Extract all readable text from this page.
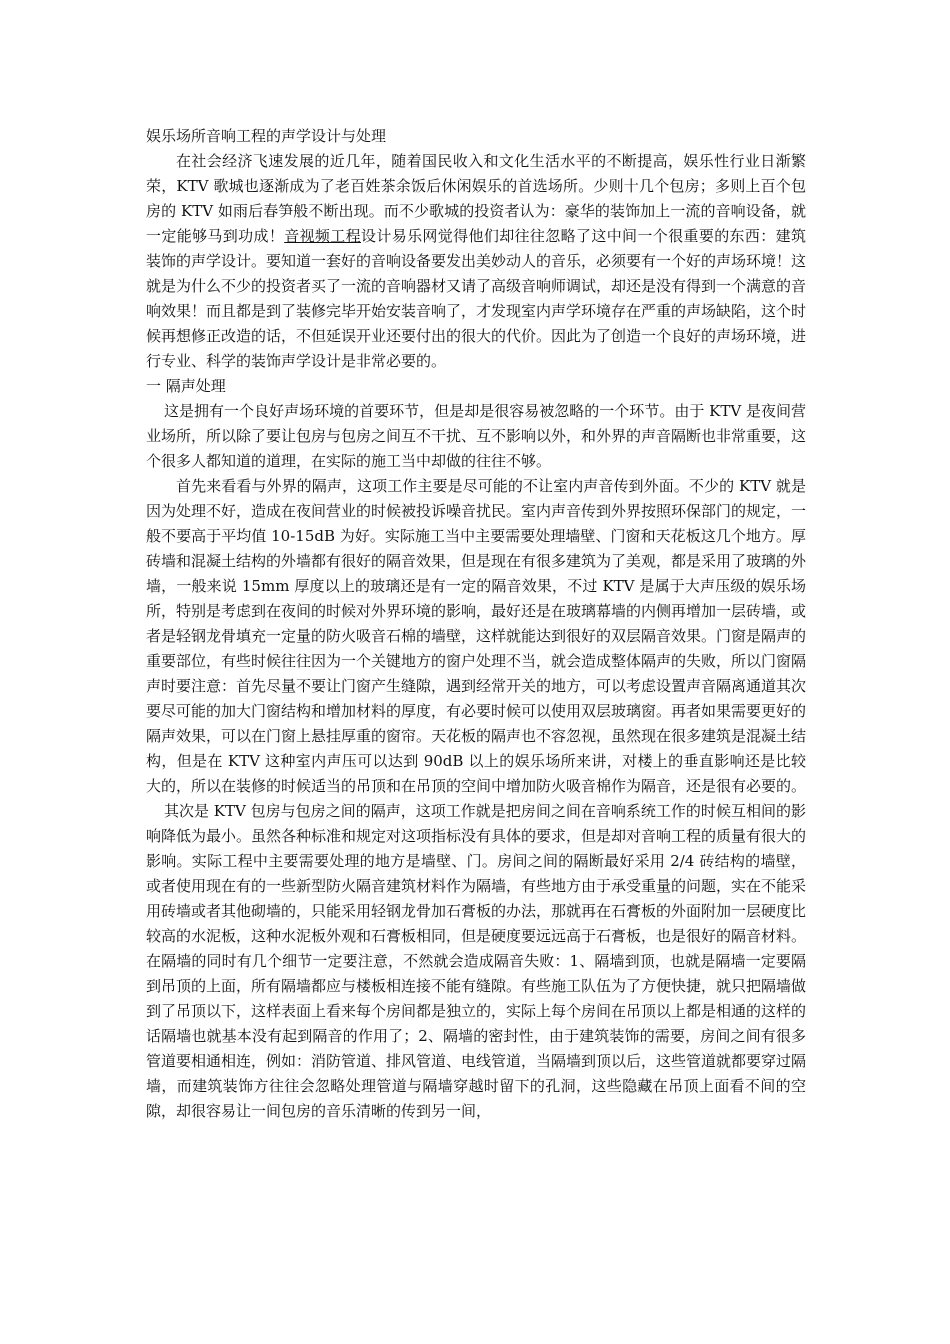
娱乐场所音响工程的声学设计与处理

在社会经济飞速发展的近几年，随着国民收入和文化生活水平的不断提高，娱乐性行业日渐繁荣，KTV 歌城也逐渐成为了老百姓茶余饭后休闲娱乐的首选场所。少则十几个包房；多则上百个包房的 KTV 如雨后春笋般不断出现。而不少歌城的投资者认为：豪华的装饰加上一流的音响设备，就一定能够马到功成！音视频工程设计易乐网觉得他们却往往忽略了这中间一个很重要的东西：建筑装饰的声学设计。要知道一套好的音响设备要发出美妙动人的音乐，必须要有一个好的声场环境！这就是为什么不少的投资者买了一流的音响器材又请了高级音响师调试，却还是没有得到一个满意的音响效果！而且都是到了装修完毕开始安装音响了，才发现室内声学环境存在严重的声场缺陷，这个时候再想修正改造的话，不但延误开业还要付出的很大的代价。因此为了创造一个良好的声场环境，进行专业、科学的装饰声学设计是非常必要的。

一 隔声处理

这是拥有一个良好声场环境的首要环节，但是却是很容易被忽略的一个环节。由于 KTV 是夜间营业场所，所以除了要让包房与包房之间互不干扰、互不影响以外，和外界的声音隔断也非常重要，这个很多人都知道的道理，在实际的施工当中却做的往往不够。

首先来看看与外界的隔声，这项工作主要是尽可能的不让室内声音传到外面。不少的 KTV 就是因为处理不好，造成在夜间营业的时候被投诉噪音扰民。室内声音传到外界按照环保部门的规定，一般不要高于平均值 10-15dB 为好。实际施工当中主要需要处理墙壁、门窗和天花板这几个地方。厚砖墙和混凝土结构的外墙都有很好的隔音效果，但是现在有很多建筑为了美观，都是采用了玻璃的外墙，一般来说 15mm 厚度以上的玻璃还是有一定的隔音效果，不过 KTV 是属于大声压级的娱乐场所，特别是考虑到在夜间的时候对外界环境的影响，最好还是在玻璃幕墙的内侧再增加一层砖墙，或者是轻钢龙骨填充一定量的防火吸音石棉的墙壁，这样就能达到很好的双层隔音效果。门窗是隔声的重要部位，有些时候往往因为一个关键地方的窗户处理不当，就会造成整体隔声的失败，所以门窗隔声时要注意：首先尽量不要让门窗产生缝隙，遇到经常开关的地方，可以考虑设置声音隔离通道其次要尽可能的加大门窗结构和增加材料的厚度，有必要时候可以使用双层玻璃窗。再者如果需要更好的隔声效果，可以在门窗上悬挂厚重的窗帘。天花板的隔声也不容忽视，虽然现在很多建筑是混凝土结构，但是在 KTV 这种室内声压可以达到 90dB 以上的娱乐场所来讲，对楼上的垂直影响还是比较大的，所以在装修的时候适当的吊顶和在吊顶的空间中增加防火吸音棉作为隔音，还是很有必要的。

其次是 KTV 包房与包房之间的隔声，这项工作就是把房间之间在音响系统工作的时候互相间的影响降低为最小。虽然各种标准和规定对这项指标没有具体的要求，但是却对音响工程的质量有很大的影响。实际工程中主要需要处理的地方是墙壁、门。房间之间的隔断最好采用 2/4 砖结构的墙壁，或者使用现在有的一些新型防火隔音建筑材料作为隔墙，有些地方由于承受重量的问题，实在不能采用砖墙或者其他砌墙的，只能采用轻钢龙骨加石膏板的办法，那就再在石膏板的外面附加一层硬度比较高的水泥板，这种水泥板外观和石膏板相同，但是硬度要远远高于石膏板，也是很好的隔音材料。在隔墙的同时有几个细节一定要注意，不然就会造成隔音失败：1、隔墙到顶，也就是隔墙一定要隔到吊顶的上面，所有隔墙都应与楼板相连接不能有缝隙。有些施工队伍为了方便快捷，就只把隔墙做到了吊顶以下，这样表面上看来每个房间都是独立的，实际上每个房间在吊顶以上都是相通的这样的话隔墙也就基本没有起到隔音的作用了；2、隔墙的密封性，由于建筑装饰的需要，房间之间有很多管道要相通相连，例如：消防管道、排风管道、电线管道，当隔墙到顶以后，这些管道就都要穿过隔墙，而建筑装饰方往往会忽略处理管道与隔墙穿越时留下的孔洞，这些隐藏在吊顶上面看不间的空隙，却很容易让一间包房的音乐清晰的传到另一间，
